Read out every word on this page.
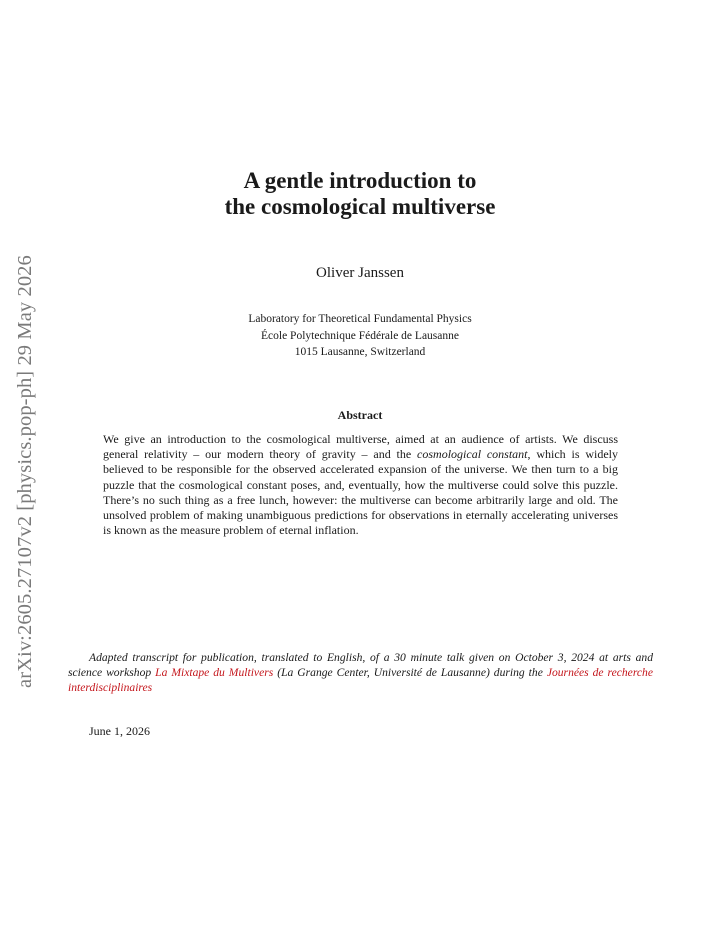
arXiv:2605.27107v2 [physics.pop-ph] 29 May 2026
A gentle introduction to
the cosmological multiverse
Oliver Janssen
Laboratory for Theoretical Fundamental Physics
École Polytechnique Fédérale de Lausanne
1015 Lausanne, Switzerland
Abstract
We give an introduction to the cosmological multiverse, aimed at an audience of artists. We discuss general relativity – our modern theory of gravity – and the cosmological constant, which is widely believed to be responsible for the observed accelerated expansion of the universe. We then turn to a big puzzle that the cosmological constant poses, and, eventually, how the multiverse could solve this puzzle. There’s no such thing as a free lunch, however: the multiverse can become arbitrarily large and old. The unsolved problem of making unambiguous predictions for observations in eternally accelerating universes is known as the measure problem of eternal inflation.
Adapted transcript for publication, translated to English, of a 30 minute talk given on October 3, 2024 at arts and science workshop La Mixtape du Multivers (La Grange Center, Université de Lausanne) during the Journées de recherche interdisciplinaires
June 1, 2026
